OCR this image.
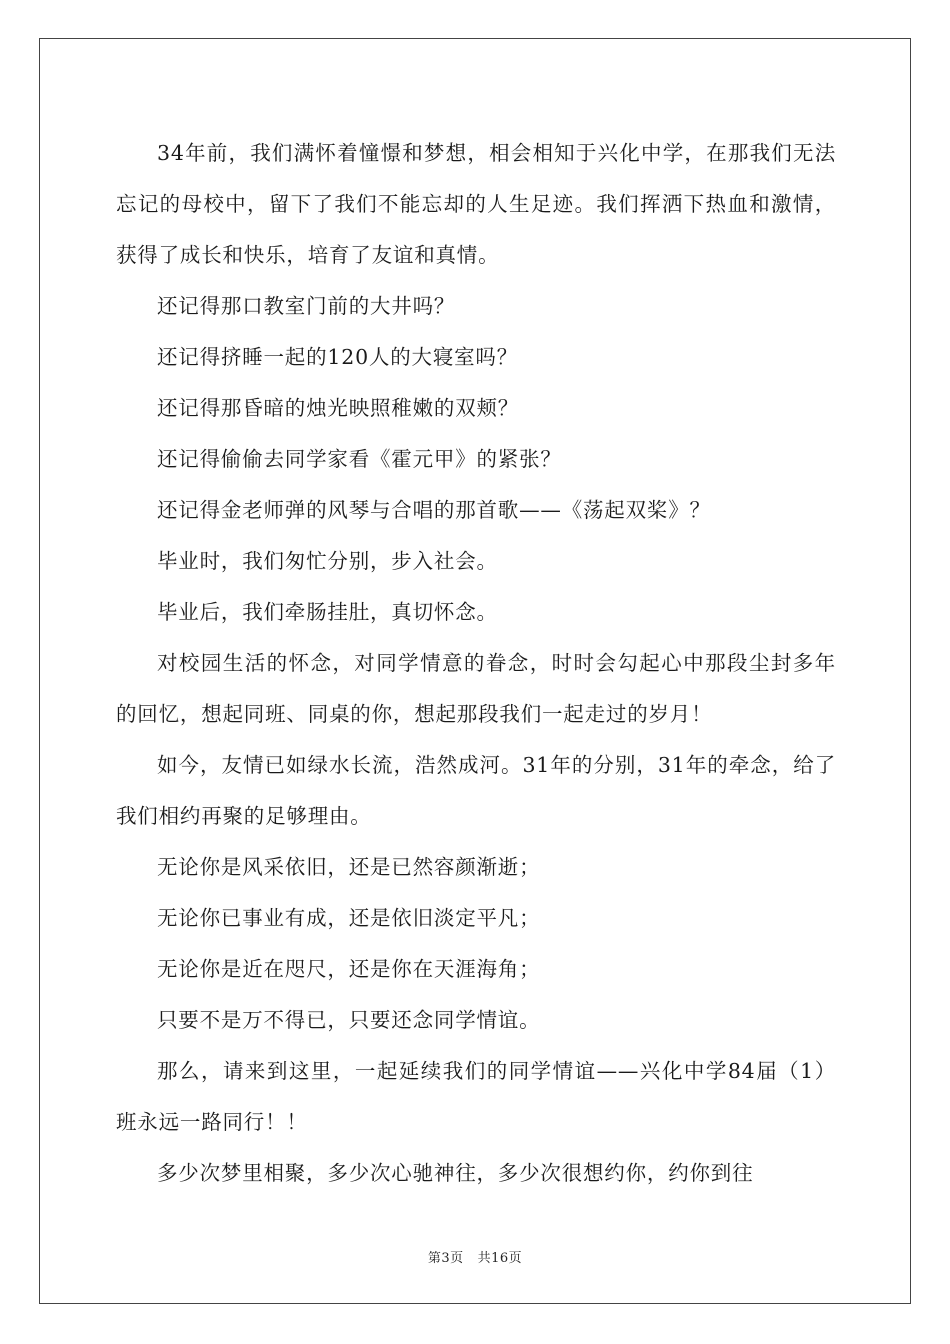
34年前，我们满怀着憧憬和梦想，相会相知于兴化中学，在那我们无法忘记的母校中，留下了我们不能忘却的人生足迹。我们挥洒下热血和激情，获得了成长和快乐，培育了友谊和真情。

还记得那口教室门前的大井吗？

还记得挤睡一起的120人的大寝室吗？

还记得那昏暗的烛光映照稚嫩的双颊？

还记得偷偷去同学家看《霍元甲》的紧张？

还记得金老师弹的风琴与合唱的那首歌——《荡起双桨》？

毕业时，我们匆忙分别，步入社会。

毕业后，我们牵肠挂肚，真切怀念。

对校园生活的怀念，对同学情意的眷念，时时会勾起心中那段尘封多年的回忆，想起同班、同桌的你，想起那段我们一起走过的岁月！

如今，友情已如绿水长流，浩然成河。31年的分别，31年的牵念，给了我们相约再聚的足够理由。

无论你是风采依旧，还是已然容颜渐逝；

无论你已事业有成，还是依旧淡定平凡；

无论你是近在咫尺，还是你在天涯海角；

只要不是万不得已，只要还念同学情谊。

那么，请来到这里，一起延续我们的同学情谊——兴化中学84届（1）班永远一路同行！！

多少次梦里相聚，多少次心驰神往，多少次很想约你，约你到往

第3页 共16页
